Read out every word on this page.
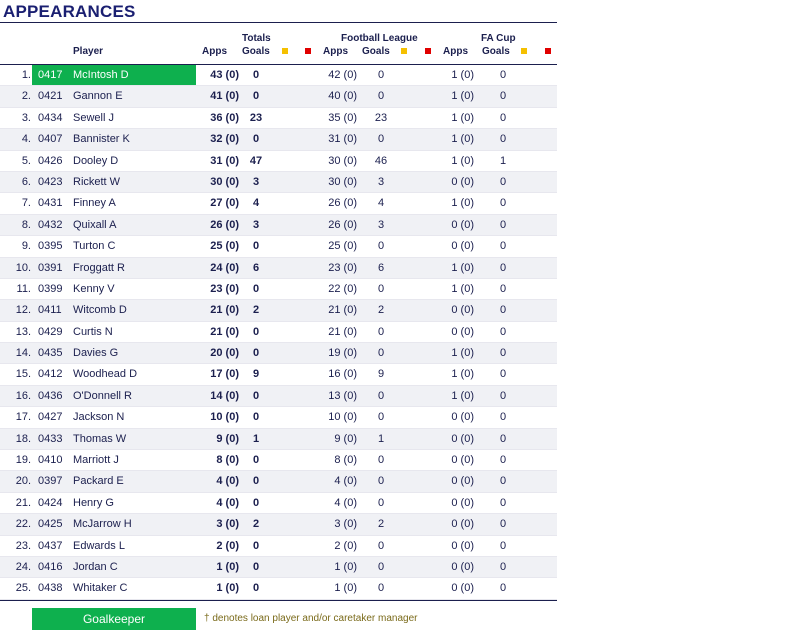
APPEARANCES
Player
Totals
Apps Goals
Football League
Apps Goals
FA Cup
Apps Goals
1. 0417 McIntosh D	43 (0)	0	42 (0)	0	1 (0)	0
2. 0421 Gannon E	41 (0)	0	40 (0)	0	1 (0)	0
3. 0434 Sewell J	36 (0) 23	35 (0)	23	1 (0)	0
4. 0407 Bannister K	32 (0)	0	31 (0)	0	1 (0)	0
5. 0426 Dooley D	31 (0) 47	30 (0)	46	1 (0)	1
6. 0423 Rickett W	30 (0)	3	30 (0)	3	0 (0)	0
7. 0431 Finney A	27 (0)	4	26 (0)	4	1 (0)	0
8. 0432 Quixall A	26 (0)	3	26 (0)	3	0 (0)	0
9. 0395 Turton C	25 (0)	0	25 (0)	0	0 (0)	0
10. 0391 Froggatt R	24 (0)	6	23 (0)	6	1 (0)	0
11. 0399 Kenny V	23 (0)	0	22 (0)	0	1 (0)	0
12. 0411 Witcomb D	21 (0)	2	21 (0)	2	0 (0)	0
13. 0429 Curtis N	21 (0)	0	21 (0)	0	0 (0)	0
14. 0435 Davies G	20 (0)	0	19 (0)	0	1 (0)	0
15. 0412 Woodhead D	17 (0)	9	16 (0)	9	1 (0)	0
16. 0436 O'Donnell R	14 (0)	0	13 (0)	0	1 (0)	0
17. 0427 Jackson N	10 (0)	0	10 (0)	0	0 (0)	0
18. 0433 Thomas W	9 (0)	1	9 (0)	1	0 (0)	0
19. 0410 Marriott J	8 (0)	0	8 (0)	0	0 (0)	0
20. 0397 Packard E	4 (0)	0	4 (0)	0	0 (0)	0
21. 0424 Henry G	4 (0)	0	4 (0)	0	0 (0)	0
22. 0425 McJarrow H	3 (0)	2	3 (0)	2	0 (0)	0
23. 0437 Edwards L	2 (0)	0	2 (0)	0	0 (0)	0
24. 0416 Jordan C	1 (0)	0	1 (0)	0	0 (0)	0
25. 0438 Whitaker C	1 (0)	0	1 (0)	0	0 (0)	0
Goalkeeper	† denotes loan player and/or caretaker manager
